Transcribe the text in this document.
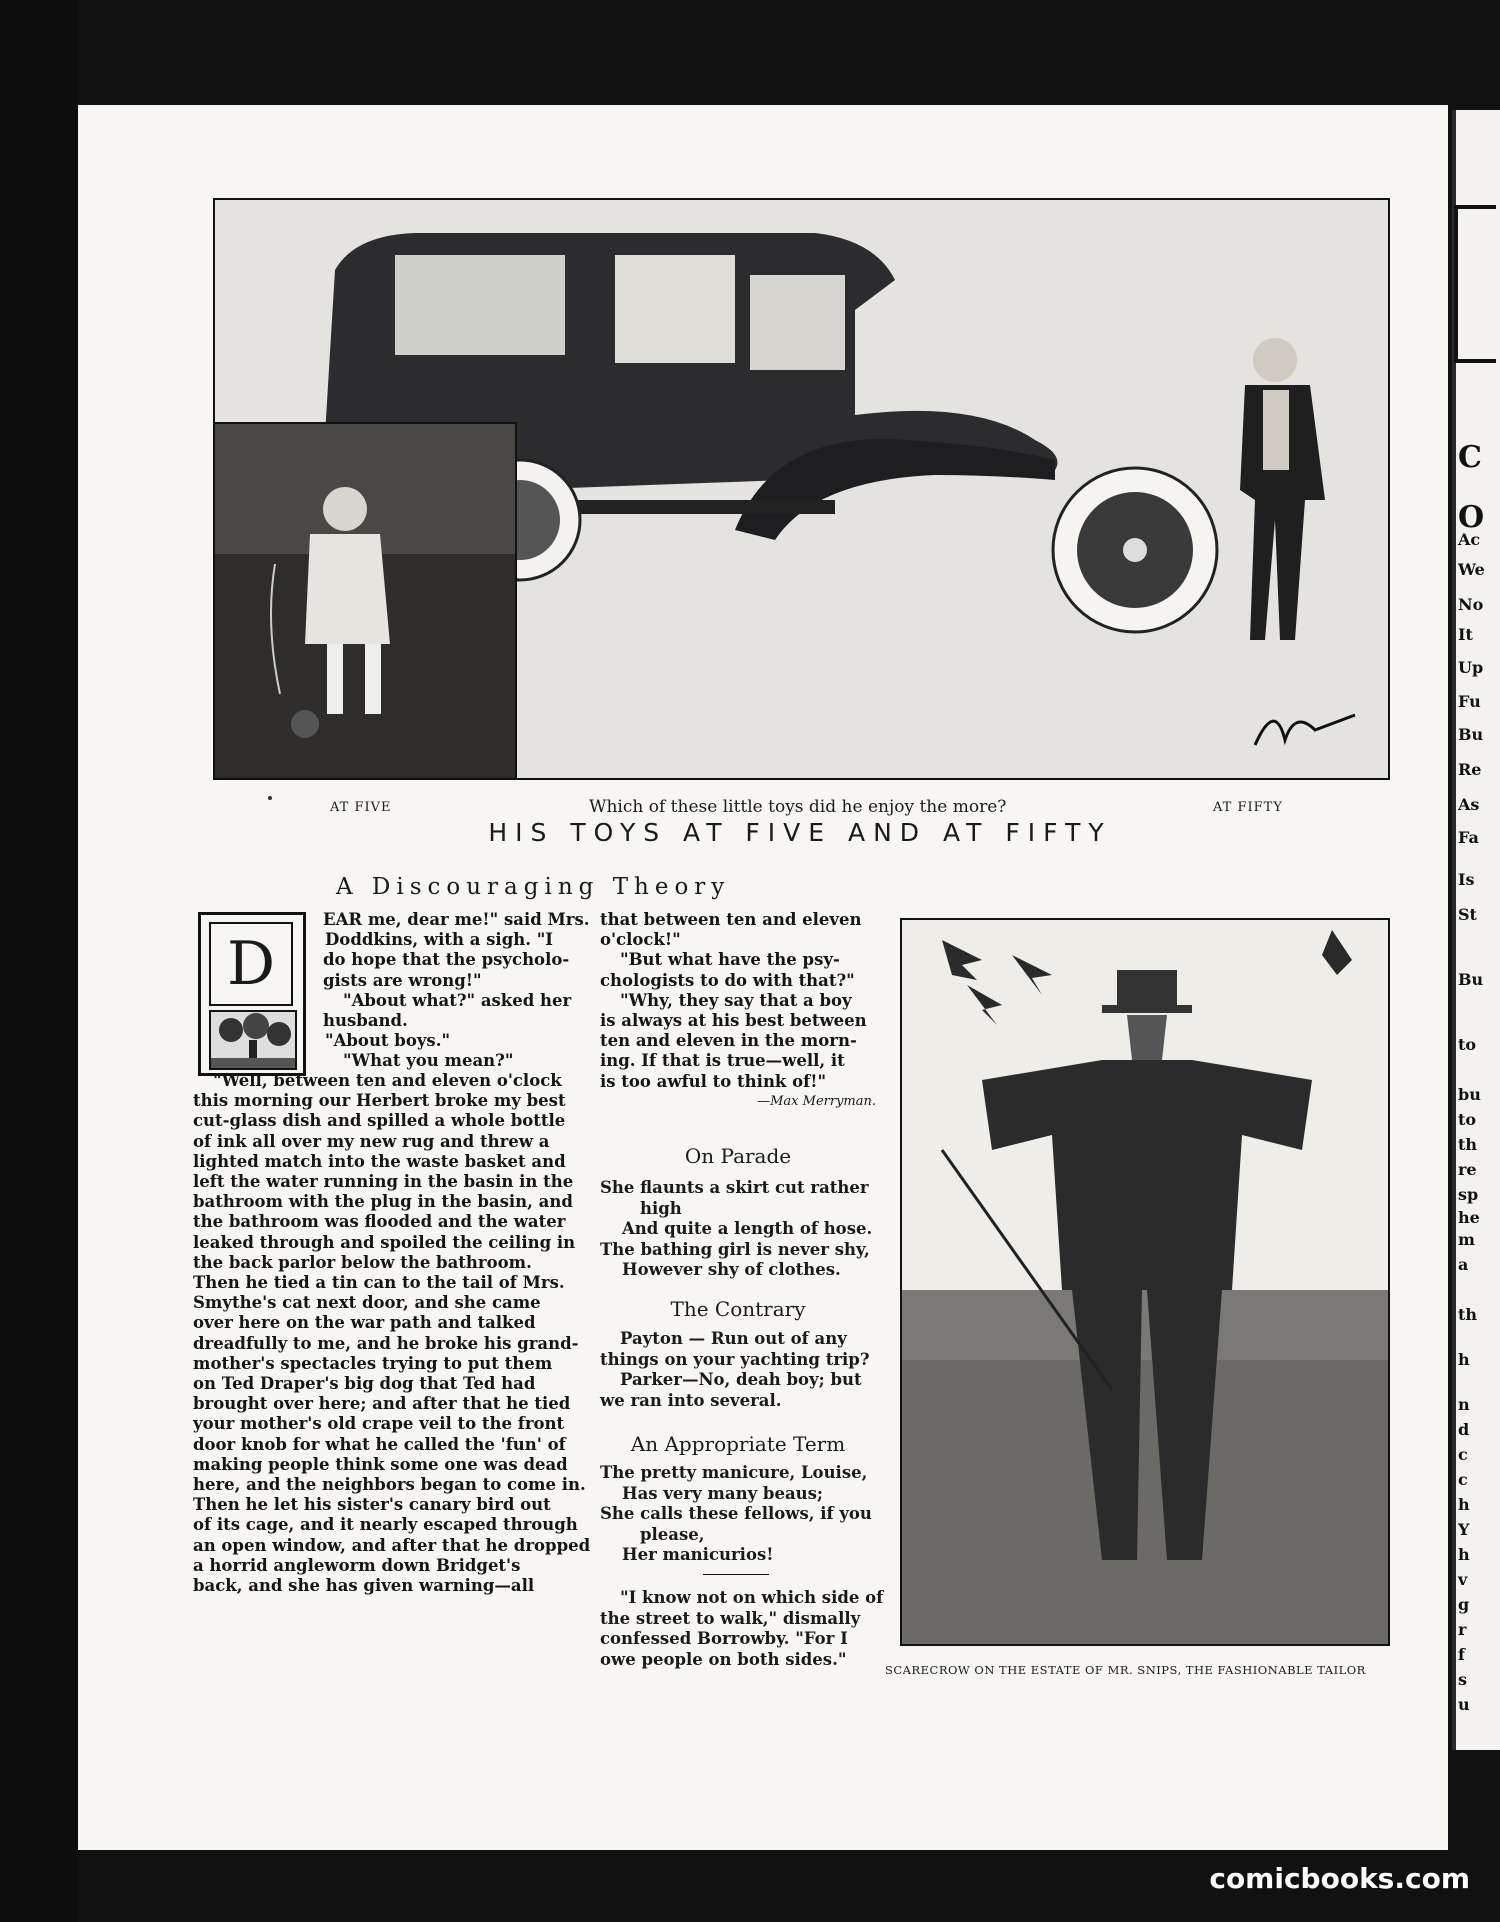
C
O
Ac
We
No
It
Up
Fu
Bu
Re
As
Fa
Is
St
Bu
to
bu
to
th
re
sp
he
m
a
th
h
n
d
c
c
h
Y
h
v
g
r
f
s
u
AT FIVE	Which of these little toys did he enjoy the more?	AT FIFTY
HIS TOYS AT FIVE AND AT FIFTY
A Discouraging Theory
D
EAR me, dear me!" said Mrs.
Doddkins, with a sigh. "I
do hope that the psycholo-
gists are wrong!"
"About what?" asked her
husband.
"About boys."
"What you mean?"
"Well, between ten and eleven o'clock
this morning our Herbert broke my best
cut-glass dish and spilled a whole bottle
of ink all over my new rug and threw a
lighted match into the waste basket and
left the water running in the basin in the
bathroom with the plug in the basin, and
the bathroom was flooded and the water
leaked through and spoiled the ceiling in
the back parlor below the bathroom.
Then he tied a tin can to the tail of Mrs.
Smythe's cat next door, and she came
over here on the war path and talked
dreadfully to me, and he broke his grand-
mother's spectacles trying to put them
on Ted Draper's big dog that Ted had
brought over here; and after that he tied
your mother's old crape veil to the front
door knob for what he called the 'fun' of
making people think some one was dead
here, and the neighbors began to come in.
Then he let his sister's canary bird out
of its cage, and it nearly escaped through
an open window, and after that he dropped
a horrid angleworm down Bridget's
back, and she has given warning—all
that between ten and eleven
o'clock!"
"But what have the psy-
chologists to do with that?"
"Why, they say that a boy
is always at his best between
ten and eleven in the morn-
ing. If that is true—well, it
is too awful to think of!"
—Max Merryman.
On Parade
She flaunts a skirt cut rather
high
And quite a length of hose.
The bathing girl is never shy,
However shy of clothes.
The Contrary
Payton — Run out of any
things on your yachting trip?
Parker—No, deah boy; but
we ran into several.
An Appropriate Term
The pretty manicure, Louise,
Has very many beaus;
She calls these fellows, if you
please,
Her manicurios!
"I know not on which side of
the street to walk," dismally
confessed Borrowby. "For I
owe people on both sides."
SCARECROW ON THE ESTATE OF MR. SNIPS, THE FASHIONABLE TAILOR
comicbooks.com
